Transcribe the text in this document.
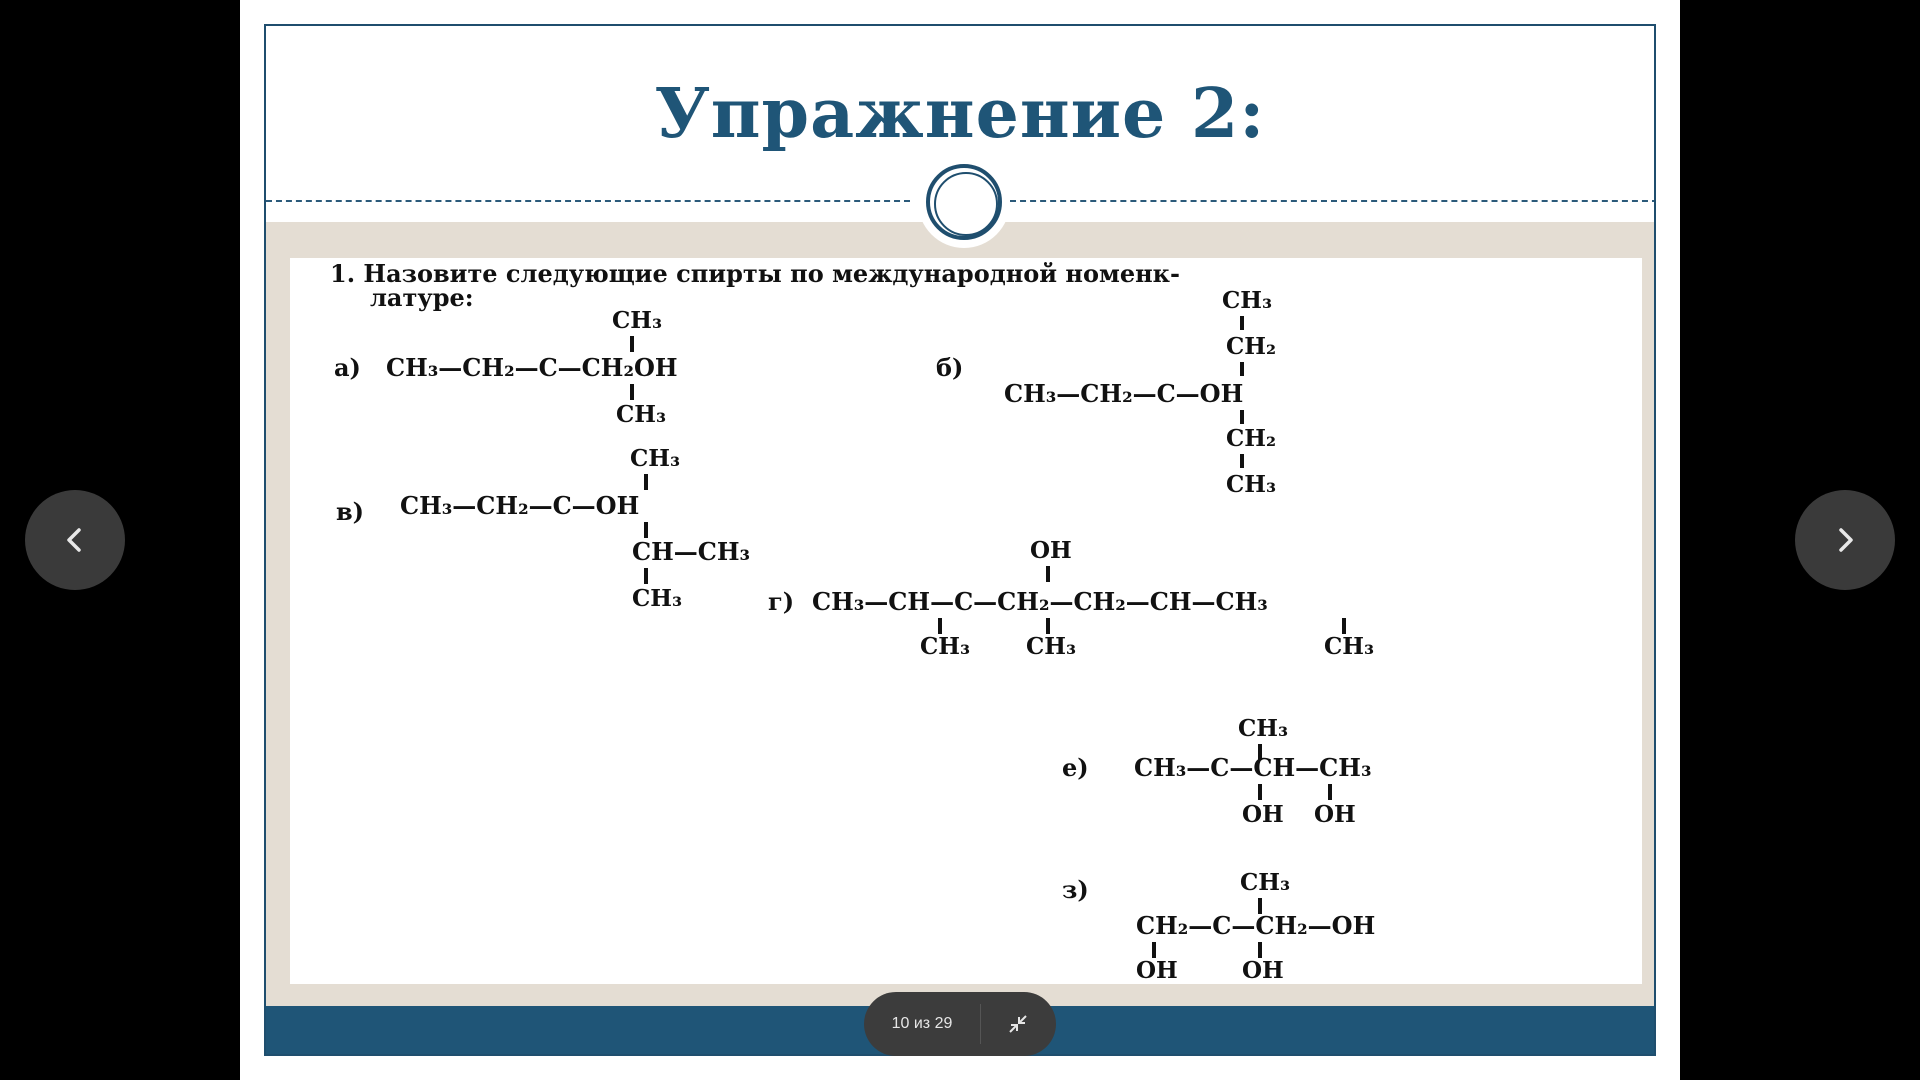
Упражнение 2:
1. Назовите следующие спирты по международной номенк-
латуре:
CH₃
а) CH₃—CH₂—C—CH₂OH
CH₃
CH₃
CH₂
б)
CH₃—CH₂—C—OH
CH₂
CH₃
CH₃
в) CH₃—CH₂—C—OH
CH—CH₃
CH₃
OH
г) CH₃—CH—C—CH₂—CH₂—CH—CH₃
CH₃ CH₃	CH₃
CH₃
е) CH₃—C—CH—CH₃
OH OH
CH₃
з)
CH₂—C—CH₂—OH
OH	OH
10 из 29
